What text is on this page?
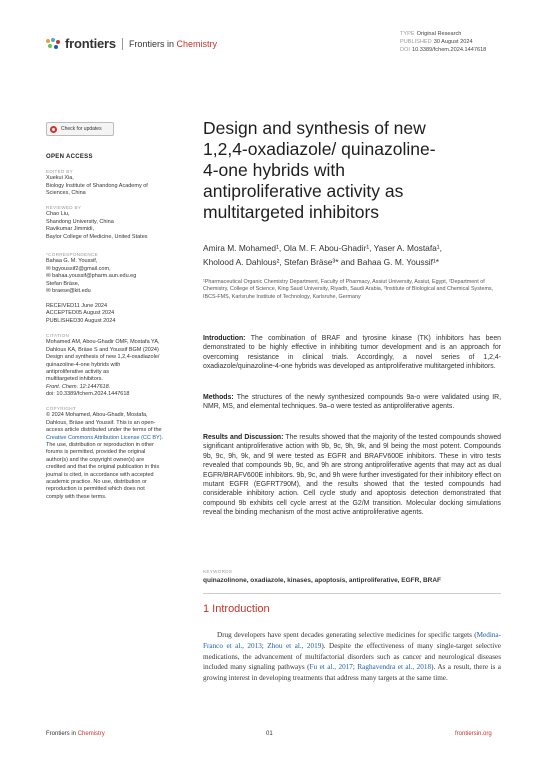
frontiers Frontiers in Chemistry
TYPE Original Research
PUBLISHED 30 August 2024
DOI 10.3389/fchem.2024.1447618
Check for updates
OPEN ACCESS
EDITED BY
Xuekui Xia,
Biology Institute of Shandong Academy of
Sciences, China
REVIEWED BY
Chao Liu,
Shandong University, China
Ravikumar Jimmidi,
Baylor College of Medicine, United States
*CORRESPONDENCE
Bahaa G. M. Youssif,
✉ bgyoussif2@gmail.com,
✉ bahaa.youssif@pharm.aun.edu.eg
Stefan Bräse,
✉ braese@kit.edu
RECEIVED11 June 2024
ACCEPTED05 August 2024
PUBLISHED30 August 2024
CITATION
Mohamed AM, Abou-Ghadir OMF, Mostafa YA,
Dahlous KA, Bräse S and Youssif BGM (2024)
Design and synthesis of new 1,2,4-oxadiazole/
quinazoline-4-one hybrids with
antiproliferative activity as
multitargeted inhibitors.
Front. Chem. 12:1447618.
doi: 10.3389/fchem.2024.1447618
COPYRIGHT
© 2024 Mohamed, Abou-Ghadir, Mostafa,
Dahlous, Bräse and Youssif. This is an open-
access article distributed under the terms of the
Creative Commons Attribution License (CC BY).
The use, distribution or reproduction in other
forums is permitted, provided the original
author(s) and the copyright owner(s) are
credited and that the original publication in this
journal is cited, in accordance with accepted
academic practice. No use, distribution or
reproduction is permitted which does not
comply with these terms.
Design and synthesis of new 1,2,4-oxadiazole/ quinazoline-4-one hybrids with antiproliferative activity as multitargeted inhibitors
Amira M. Mohamed¹, Ola M. F. Abou-Ghadir¹, Yaser A. Mostafa¹,
Kholood A. Dahlous², Stefan Bräse³* and Bahaa G. M. Youssif¹*
¹Pharmaceutical Organic Chemistry Department, Faculty of Pharmacy, Assiut University, Assiut, Egypt, ²Department of Chemistry, College of Science, King Saud University, Riyadh, Saudi Arabia, ³Institute of Biological and Chemical Systems, IBCS-FMS, Karlsruhe Institute of Technology, Karlsruhe, Germany
Introduction: The combination of BRAF and tyrosine kinase (TK) inhibitors has been demonstrated to be highly effective in inhibiting tumor development and is an approach for overcoming resistance in clinical trials. Accordingly, a novel series of 1,2,4-oxadiazole/quinazoline-4-one hybrids was developed as antiproliferative multitargeted inhibitors.
Methods: The structures of the newly synthesized compounds 9a-o were validated using IR, NMR, MS, and elemental techniques. 9a–o were tested as antiproliferative agents.
Results and Discussion: The results showed that the majority of the tested compounds showed significant antiproliferative action with 9b, 9c, 9h, 9k, and 9l being the most potent. Compounds 9b, 9c, 9h, 9k, and 9l were tested as EGFR and BRAFV600E inhibitors. These in vitro tests revealed that compounds 9b, 9c, and 9h are strong antiproliferative agents that may act as dual EGFR/BRAFV600E inhibitors. 9b, 9c, and 9h were further investigated for their inhibitory effect on mutant EGFR (EGFRT790M), and the results showed that the tested compounds had considerable inhibitory action. Cell cycle study and apoptosis detection demonstrated that compound 9b exhibits cell cycle arrest at the G2/M transition. Molecular docking simulations reveal the binding mechanism of the most active antiproliferative agents.
KEYWORDS
quinazolinone, oxadiazole, kinases, apoptosis, antiproliferative, EGFR, BRAF
1 Introduction
Drug developers have spent decades generating selective medicines for specific targets (Medina-Franco et al., 2013; Zhou et al., 2019). Despite the effectiveness of many single-target selective medications, the advancement of multifactorial disorders such as cancer and neurological diseases included many signaling pathways (Fu et al., 2017; Raghavendra et al., 2018). As a result, there is a growing interest in developing treatments that address many targets at the same time.
Frontiers in Chemistry	01	frontiersin.org
